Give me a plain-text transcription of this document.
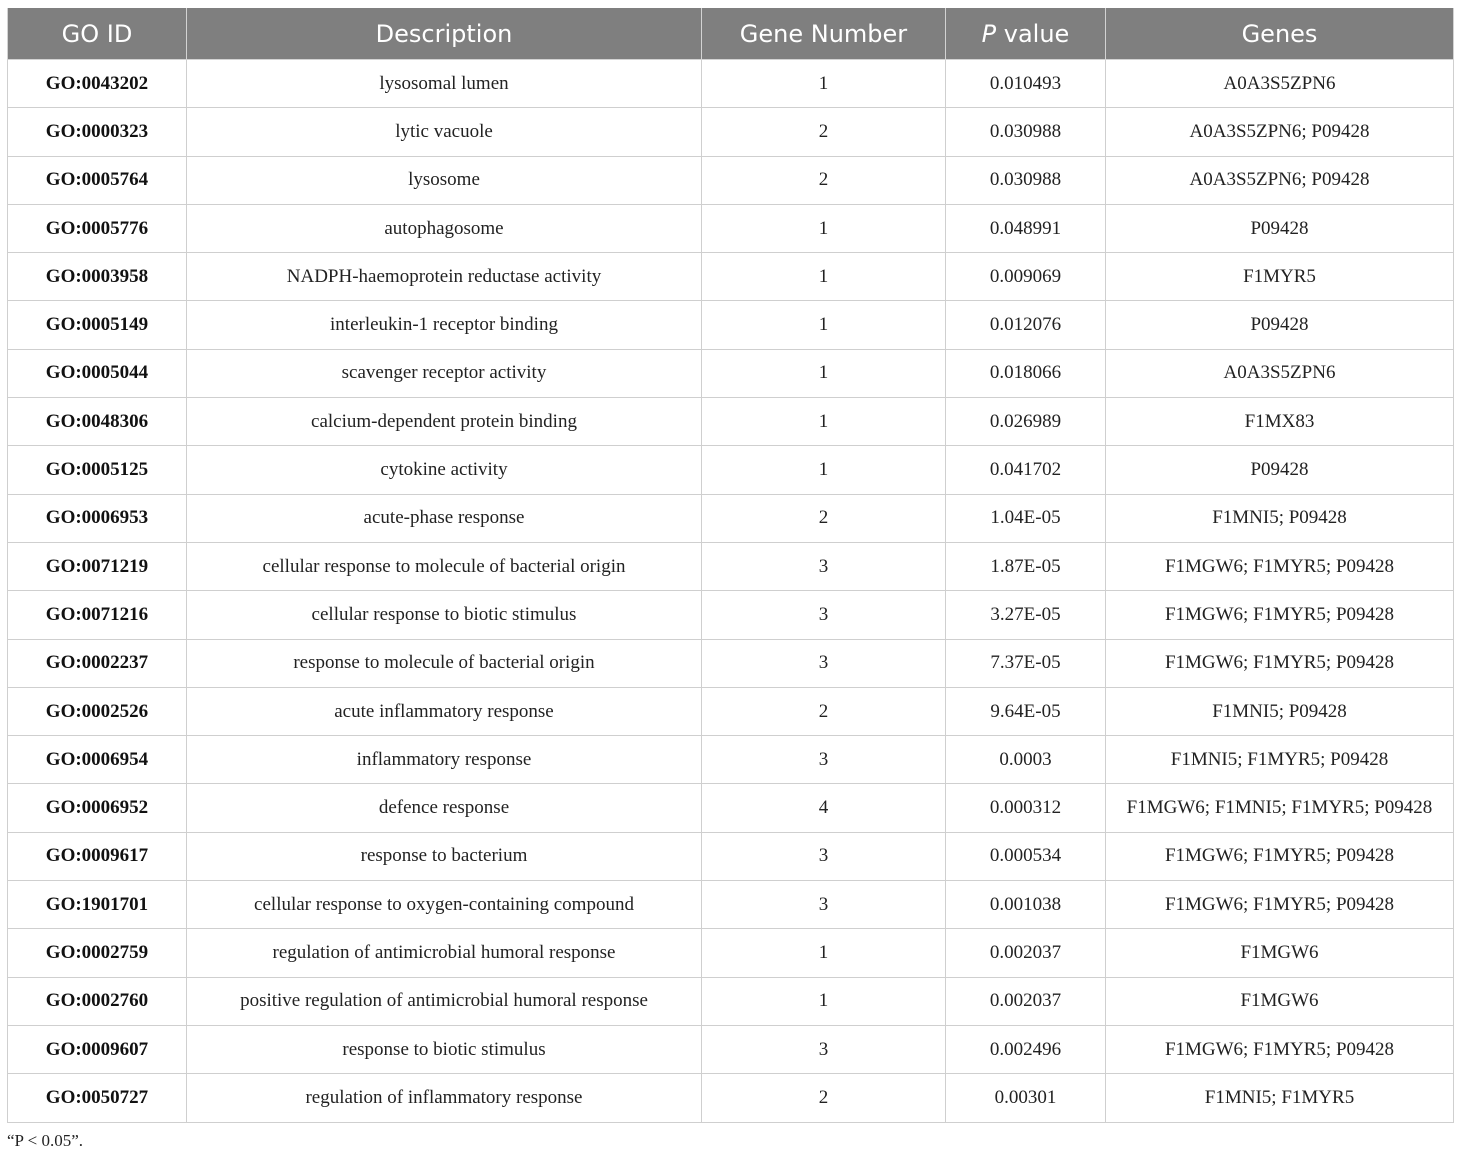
GO ID	Description	Gene Number	P value	Genes
GO:0043202	lysosomal lumen	1	0.010493	A0A3S5ZPN6
GO:0000323	lytic vacuole	2	0.030988	A0A3S5ZPN6; P09428
GO:0005764	lysosome	2	0.030988	A0A3S5ZPN6; P09428
GO:0005776	autophagosome	1	0.048991	P09428
GO:0003958	NADPH-haemoprotein reductase activity	1	0.009069	F1MYR5
GO:0005149	interleukin-1 receptor binding	1	0.012076	P09428
GO:0005044	scavenger receptor activity	1	0.018066	A0A3S5ZPN6
GO:0048306	calcium-dependent protein binding	1	0.026989	F1MX83
GO:0005125	cytokine activity	1	0.041702	P09428
GO:0006953	acute-phase response	2	1.04E-05	F1MNI5; P09428
GO:0071219	cellular response to molecule of bacterial origin	3	1.87E-05	F1MGW6; F1MYR5; P09428
GO:0071216	cellular response to biotic stimulus	3	3.27E-05	F1MGW6; F1MYR5; P09428
GO:0002237	response to molecule of bacterial origin	3	7.37E-05	F1MGW6; F1MYR5; P09428
GO:0002526	acute inflammatory response	2	9.64E-05	F1MNI5; P09428
GO:0006954	inflammatory response	3	0.0003	F1MNI5; F1MYR5; P09428
GO:0006952	defence response	4	0.000312	F1MGW6; F1MNI5; F1MYR5; P09428
GO:0009617	response to bacterium	3	0.000534	F1MGW6; F1MYR5; P09428
GO:1901701	cellular response to oxygen-containing compound	3	0.001038	F1MGW6; F1MYR5; P09428
GO:0002759	regulation of antimicrobial humoral response	1	0.002037	F1MGW6
GO:0002760	positive regulation of antimicrobial humoral response	1	0.002037	F1MGW6
GO:0009607	response to biotic stimulus	3	0.002496	F1MGW6; F1MYR5; P09428
GO:0050727	regulation of inflammatory response	2	0.00301	F1MNI5; F1MYR5
“P < 0.05”.
